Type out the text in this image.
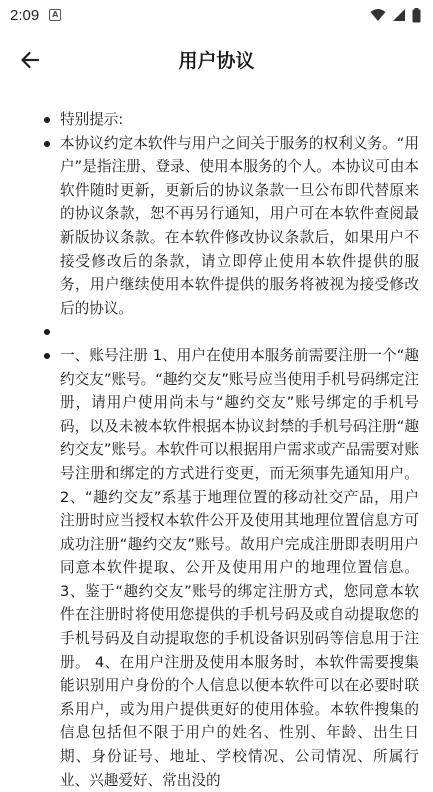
2:09	A
用户协议

特别提示:

本协议约定本软件与用户之间关于服务的权利义务。“用户”是指注册、登录、使用本服务的个人。本协议可由本软件随时更新，更新后的协议条款一旦公布即代替原来的协议条款，恕不再另行通知，用户可在本软件查阅最新版协议条款。在本软件修改协议条款后，如果用户不接受修改后的条款，请立即停止使用本软件提供的服务，用户继续使用本软件提供的服务将被视为接受修改后的协议。

一、账号注册 1、用户在使用本服务前需要注册一个“趣约交友”账号。“趣约交友”账号应当使用手机号码绑定注册，请用户使用尚未与“趣约交友”账号绑定的手机号码，以及未被本软件根据本协议封禁的手机号码注册“趣约交友”账号。本软件可以根据用户需求或产品需要对账号注册和绑定的方式进行变更，而无须事先通知用户。 2、“趣约交友”系基于地理位置的移动社交产品，用户注册时应当授权本软件公开及使用其地理位置信息方可成功注册“趣约交友”账号。故用户完成注册即表明用户同意本软件提取、公开及使用用户的地理位置信息。 3、鉴于“趣约交友”账号的绑定注册方式，您同意本软件在注册时将使用您提供的手机号码及或自动提取您的手机号码及自动提取您的手机设备识别码等信息用于注册。 4、在用户注册及使用本服务时，本软件需要搜集能识别用户身份的个人信息以便本软件可以在必要时联系用户，或为用户提供更好的使用体验。本软件搜集的信息包括但不限于用户的姓名、性别、年龄、出生日期、身份证号、地址、学校情况、公司情况、所属行业、兴趣爱好、常出没的
